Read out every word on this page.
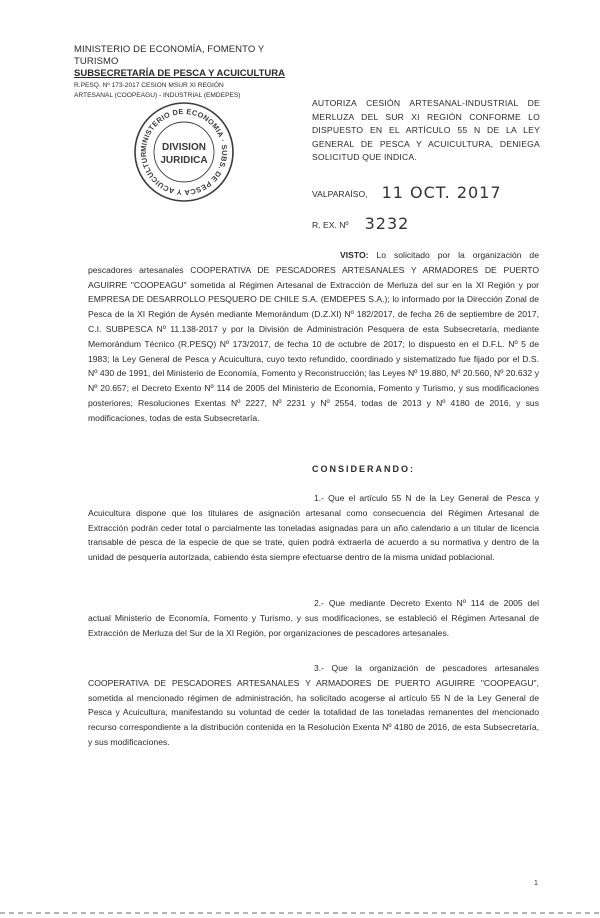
MINISTERIO DE ECONOMÍA, FOMENTO Y TURISMO
SUBSECRETARÍA DE PESCA Y ACUICULTURA
R.PESQ. Nº 173-2017 CESION MSUR XI REGIÓN
ARTESANAL (COOPEAGU) - INDUSTRIAL (EMDEPES)
MINISTERIO DE ECONOMIA · SUBS. DE PESCA Y ACUICULTUR
DIVISION
JURIDICA
AUTORIZA CESIÓN ARTESANAL-INDUSTRIAL DE MERLUZA DEL SUR XI REGIÓN CONFORME LO DISPUESTO EN EL ARTÍCULO 55 N DE LA LEY GENERAL DE PESCA Y ACUICULTURA, DENIEGA SOLICITUD QUE INDICA.
VALPARAÍSO, 11 OCT. 2017
R. EX. Nº 3232
VISTO: Lo solicitado por la organización de pescadores artesanales COOPERATIVA DE PESCADORES ARTESANALES Y ARMADORES DE PUERTO AGUIRRE "COOPEAGU" sometida al Régimen Artesanal de Extracción de Merluza del sur en la XI Región y por EMPRESA DE DESARROLLO PESQUERO DE CHILE S.A. (EMDEPES S.A.); lo informado por la Dirección Zonal de Pesca de la XI Región de Aysén mediante Memorándum (D.Z.XI) Nº 182/2017, de fecha 26 de septiembre de 2017, C.I. SUBPESCA Nº 11.138-2017 y por la División de Administración Pesquera de esta Subsecretaría, mediante Memorándum Técnico (R.PESQ) Nº 173/2017, de fecha 10 de octubre de 2017; lo dispuesto en el D.F.L. Nº 5 de 1983; la Ley General de Pesca y Acuicultura, cuyo texto refundido, coordinado y sistematizado fue fijado por el D.S. Nº 430 de 1991, del Ministerio de Economía, Fomento y Reconstrucción; las Leyes Nº 19.880, Nº 20.560, Nº 20.632 y Nº 20.657; el Decreto Exento Nº 114 de 2005 del Ministerio de Economía, Fomento y Turismo, y sus modificaciones posteriores; Resoluciones Exentas Nº 2227, Nº 2231 y Nº 2554, todas de 2013 y Nº 4180 de 2016, y sus modificaciones, todas de esta Subsecretaría.
CONSIDERANDO:
1.- Que el artículo 55 N de la Ley General de Pesca y Acuicultura dispone que los titulares de asignación artesanal como consecuencia del Régimen Artesanal de Extracción podrán ceder total o parcialmente las toneladas asignadas para un año calendario a un titular de licencia transable de pesca de la especie de que se trate, quien podrá extraerla de acuerdo a su normativa y dentro de la unidad de pesquería autorizada, cabiendo ésta siempre efectuarse dentro de la misma unidad poblacional.
2.- Que mediante Decreto Exento Nº 114 de 2005 del actual Ministerio de Economía, Fomento y Turismo, y sus modificaciones, se estableció el Régimen Artesanal de Extracción de Merluza del Sur de la XI Región, por organizaciones de pescadores artesanales.
3.- Que la organización de pescadores artesanales COOPERATIVA DE PESCADORES ARTESANALES Y ARMADORES DE PUERTO AGUIRRE "COOPEAGU", sometida al mencionado régimen de administración, ha solicitado acogerse al artículo 55 N de la Ley General de Pesca y Acuicultura, manifestando su voluntad de ceder la totalidad de las toneladas remanentes del mencionado recurso correspondiente a la distribución contenida en la Resolución Exenta Nº 4180 de 2016, de esta Subsecretaría, y sus modificaciones.
1
